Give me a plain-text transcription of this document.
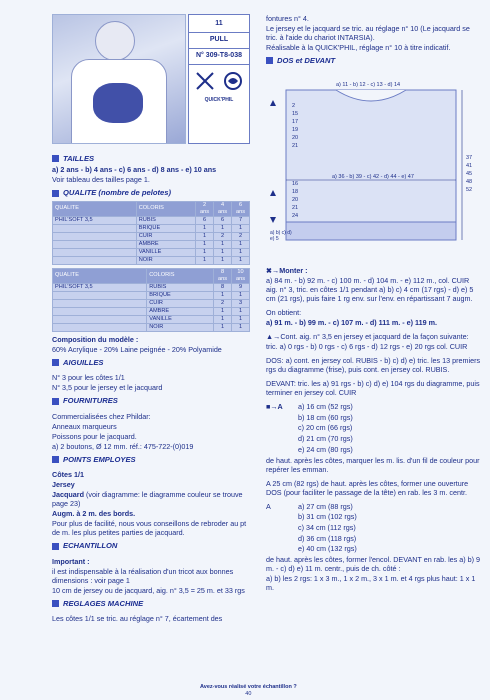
11
PULL
N° 309-T8-038
QUICK'PHIL
TAILLES

a) 2 ans - b) 4 ans - c) 6 ans - d) 8 ans - e) 10 ans

Voir tableau des tailles page 1.

QUALITE (nombre de pelotes)
QUALITE	COLORIS	2 ans	4 ans	6 ans
PHIL'SOFT 3,5	RUBIS	6	6	7
	BRIQUE	1	1	1
	CUIR	1	2	2
	AMBRE	1	1	1
	VANILLE	1	1	1
	NOIR	1	1	1
QUALITE	COLORIS	8 ans	10 ans
PHIL'SOFT 3,5	RUBIS	8	9
	BRIQUE	1	1
	CUIR	2	3
	AMBRE	1	1
	VANILLE	1	1
	NOIR	1	1

Composition du modèle :

60% Acrylique - 20% Laine peignée - 20% Polyamide

AIGUILLES

N° 3 pour les côtes 1/1

N° 3,5 pour le jersey et le jacquard

FOURNITURES

Commercialisées chez Phildar:

Anneaux marqueurs

Poissons pour le jacquard.

a) 2 boutons, Ø 12 mm. réf.: 475-722-(0)019

POINTS EMPLOYES

Côtes 1/1

Jersey

Jacquard (voir diagramme: le diagramme couleur se trouve page 23)

Augm. à 2 m. des bords.

Pour plus de facilité, nous vous conseillons de rebroder au pt de m. les plus petites parties de jacquard.

ECHANTILLON

Important :

il est indispensable à la réalisation d'un tricot aux bonnes dimensions : voir page 1

10 cm de jersey ou de jacquard, aig. n° 3,5 = 25 m. et 33 rgs

REGLAGES MACHINE

Les côtes 1/1 se tric. au réglage n° 7, écartement des

fontures n° 4.

Le jersey et le jacquard se tric. au réglage n° 10 (Le jacquard se tric. à l'aide du chariot INTARSIA).

Réalisable à la QUICK'PHIL, réglage n° 10 à titre indicatif.

DOS et DEVANT
a) 11 - b) 12 - c) 13 - d) 14
2
15
17
19
20
21
37
41
45
48
52
a) 36 - b) 39 - c) 42 - d) 44 - e) 47
16
18
20
21
24
a) b) c) d) e) 5

✖→Monter :

a) 84 m. - b) 92 m. - c) 100 m. - d) 104 m. - e) 112 m., col. CUIR aig. n° 3, tric. en côtes 1/1 pendant a) b) c) 4 cm (17 rgs) - d) e) 5 cm (21 rgs), puis faire 1 rg env. sur l'env. en répartissant 7 augm.

On obtient:

a) 91 m. - b) 99 m. - c) 107 m. - d) 111 m. - e) 119 m.

▲→Cont. aig. n° 3,5 en jersey et jacquard de la façon suivante:

tric. a) 0 rgs - b) 0 rgs - c) 6 rgs - d) 12 rgs - e) 20 rgs col. CUIR

DOS: a) cont. en jersey col. RUBIS - b) c) d) e) tric. les 13 premiers rgs du diagramme (frise), puis cont. en jersey col. RUBIS.

DEVANT: tric. les a) 91 rgs - b) c) d) e) 104 rgs du diagramme, puis terminer en jersey col. CUIR

■→A	a) 16 cm (52 rgs)

b) 18 cm (60 rgs)

c) 20 cm (66 rgs)

d) 21 cm (70 rgs)

e) 24 cm (80 rgs)

de haut. après les côtes, marquer les m. lis. d'un fil de couleur pour repérer les emman.

A 25 cm (82 rgs) de haut. après les côtes, former une ouverture DOS (pour faciliter le passage de la tête) en rab. les 3 m. centr.

A	a) 27 cm (88 rgs)

b) 31 cm (102 rgs)

c) 34 cm (112 rgs)

d) 36 cm (118 rgs)

e) 40 cm (132 rgs)

de haut. après les côtes, former l'encol. DEVANT en rab. les a) b) 9 m. - c) d) e) 11 m. centr., puis de ch. côté :

a) b) les 2 rgs: 1 x 3 m., 1 x 2 m., 3 x 1 m. et 4 rgs plus haut: 1 x 1 m.

Avez-vous réalisé votre échantillon ?
40
